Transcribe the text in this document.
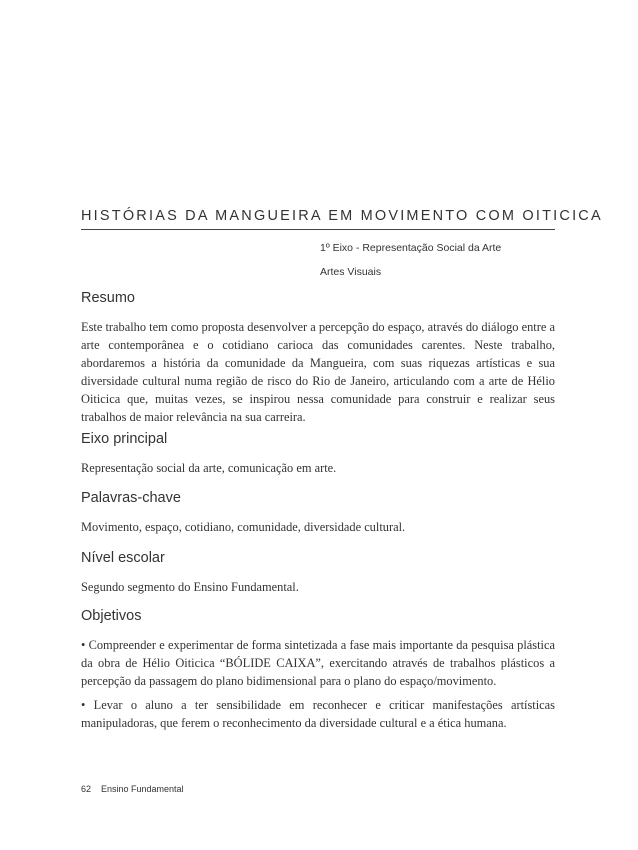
HISTÓRIAS DA MANGUEIRA EM MOVIMENTO COM OITICICA
1º Eixo - Representação Social da Arte
Artes Visuais
Resumo
Este trabalho tem como proposta desenvolver a percepção do espaço, através do diálogo entre a arte contemporânea e o cotidiano carioca das comunidades carentes. Neste trabalho, abordaremos a história da comunidade da Mangueira, com suas riquezas artísticas e sua diversidade cultural numa região de risco do Rio de Janeiro, articulando com a arte de Hélio Oiticica que, muitas vezes, se inspirou nessa comunidade para construir e realizar seus trabalhos de maior relevância na sua carreira.
Eixo principal
Representação social da arte, comunicação em arte.
Palavras-chave
Movimento, espaço, cotidiano, comunidade, diversidade cultural.
Nível escolar
Segundo segmento do Ensino Fundamental.
Objetivos
• Compreender e experimentar de forma sintetizada a fase mais importante da pesquisa plástica da obra de Hélio Oiticica “BÓLIDE CAIXA”, exercitando através de trabalhos plásticos a percepção da passagem do plano bidimensional para o plano do espaço/movimento.
• Levar o aluno a ter sensibilidade em reconhecer e criticar manifestações artísticas manipuladoras, que ferem o reconhecimento da diversidade cultural e a ética humana.
62 Ensino Fundamental
